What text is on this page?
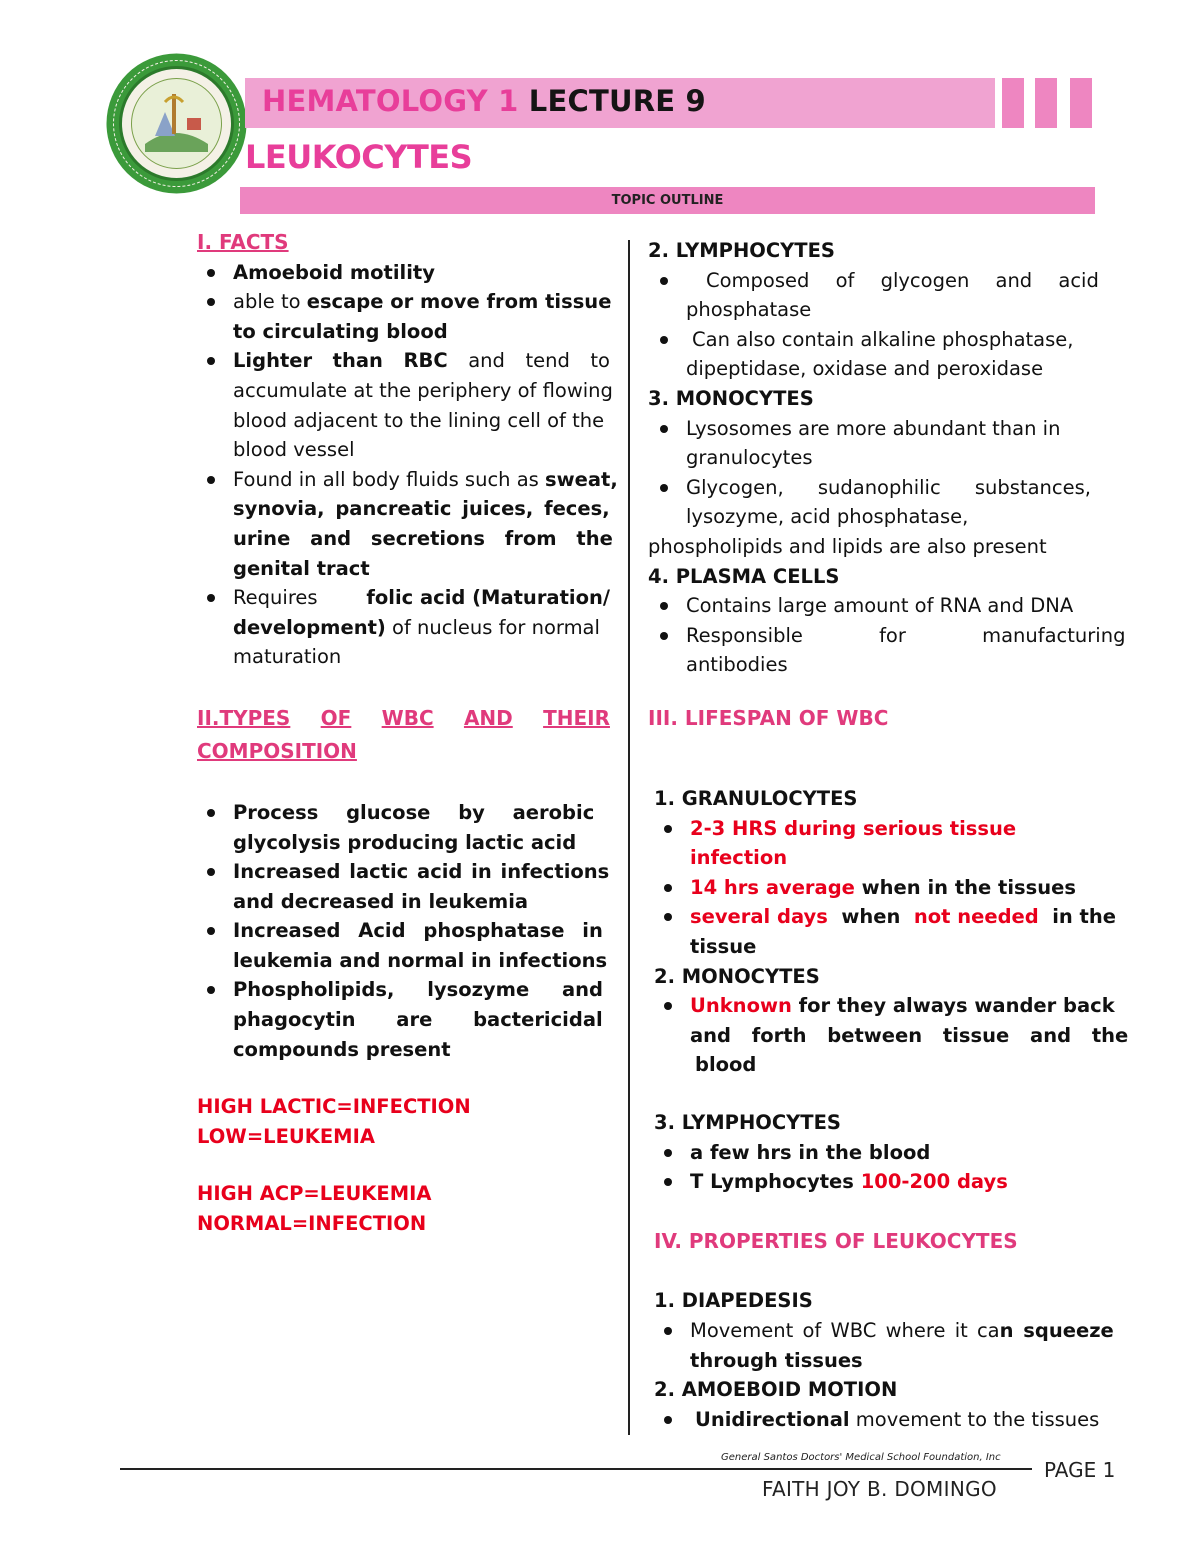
HEMATOLOGY 1 LECTURE 9
LEUKOCYTES
TOPIC OUTLINE
I. FACTS
Amoeboid motility
able to escape or move from tissue
to circulating blood
Lighter than RBC and tend to
accumulate at the periphery of flowing
blood adjacent to the lining cell of the
blood vessel
Found in all body fluids such as sweat,
synovia, pancreatic juices, feces,
urine and secretions from the
genital tract
Requires	folic acid (Maturation/
development) of nucleus for normal
maturation
II.TYPES OF WBC AND THEIR
COMPOSITION
Process glucose by aerobic
glycolysis producing lactic acid
Increased lactic acid in infections
and decreased in leukemia
Increased Acid phosphatase in
leukemia and normal in infections
Phospholipids, lysozyme and
phagocytin are bactericidal
compounds present
HIGH LACTIC=INFECTION
LOW=LEUKEMIA
HIGH ACP=LEUKEMIA
NORMAL=INFECTION
2. LYMPHOCYTES
Composed of glycogen and acid
phosphatase
Can also contain alkaline phosphatase,
dipeptidase, oxidase and peroxidase
3. MONOCYTES
Lysosomes are more abundant than in
granulocytes
Glycogen, sudanophilic substances,
lysozyme, acid phosphatase,
phospholipids and lipids are also present
4. PLASMA CELLS
Contains large amount of RNA and DNA
Responsible for manufacturing
antibodies
III. LIFESPAN OF WBC
1. GRANULOCYTES
2-3 HRS during serious tissue infection
14 hrs average when in the tissues
several days when not needed in the
tissue
2. MONOCYTES
Unknown for they always wander back
and forth between tissue and the
blood
3. LYMPHOCYTES
a few hrs in the blood
T Lymphocytes 100-200 days
IV. PROPERTIES OF LEUKOCYTES
1. DIAPEDESIS
Movement of WBC where it can squeeze
through tissues
2. AMOEBOID MOTION
Unidirectional movement to the tissues
General Santos Doctors' Medical School Foundation, Inc
PAGE 1
FAITH JOY B. DOMINGO
